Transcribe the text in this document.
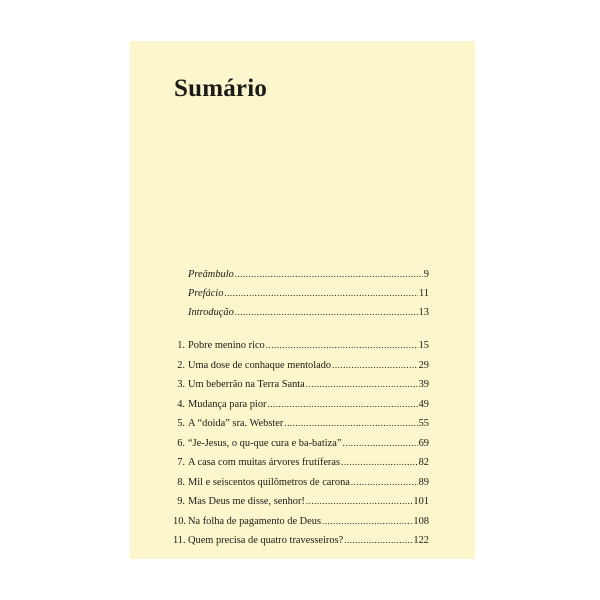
Sumário
Preâmbulo .....	9
Prefácio .....	11
Introdução .....	13
1. Pobre menino rico .....	15
2. Uma dose de conhaque mentolado .....	29
3. Um beberrão na Terra Santa .....	39
4. Mudança para pior .....	49
5. A “doida” sra. Webster .....	55
6. “Je-Jesus, o qu-que cura e ba-batiza” .....	69
7. A casa com muitas árvores frutíferas .....	82
8. Mil e seiscentos quilômetros de carona .....	89
9. Mas Deus me disse, senhor! .....	101
10. Na folha de pagamento de Deus .....	108
11. Quem precisa de quatro travesseiros? .....	122
